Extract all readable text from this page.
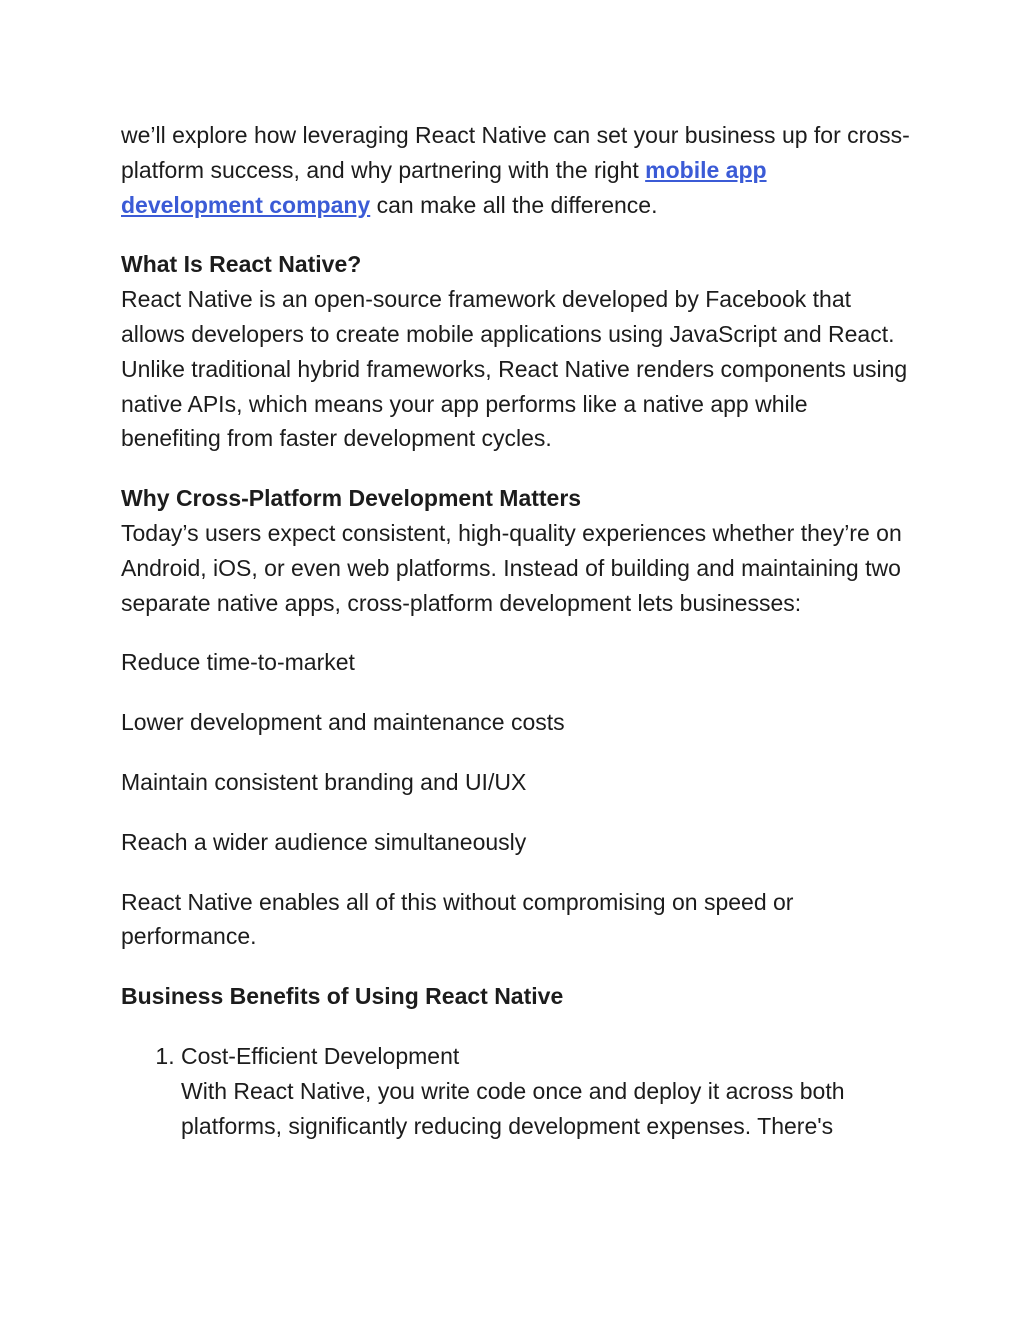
we’ll explore how leveraging React Native can set your business up for cross-platform success, and why partnering with the right mobile app development company can make all the difference.

What Is React Native?

React Native is an open-source framework developed by Facebook that allows developers to create mobile applications using JavaScript and React. Unlike traditional hybrid frameworks, React Native renders components using native APIs, which means your app performs like a native app while benefiting from faster development cycles.

Why Cross-Platform Development Matters

Today’s users expect consistent, high-quality experiences whether they’re on Android, iOS, or even web platforms. Instead of building and maintaining two separate native apps, cross-platform development lets businesses:

Reduce time-to-market

Lower development and maintenance costs

Maintain consistent branding and UI/UX

Reach a wider audience simultaneously

React Native enables all of this without compromising on speed or performance.

Business Benefits of Using React Native

1. Cost-Efficient Development
With React Native, you write code once and deploy it across both platforms, significantly reducing development expenses. There's
